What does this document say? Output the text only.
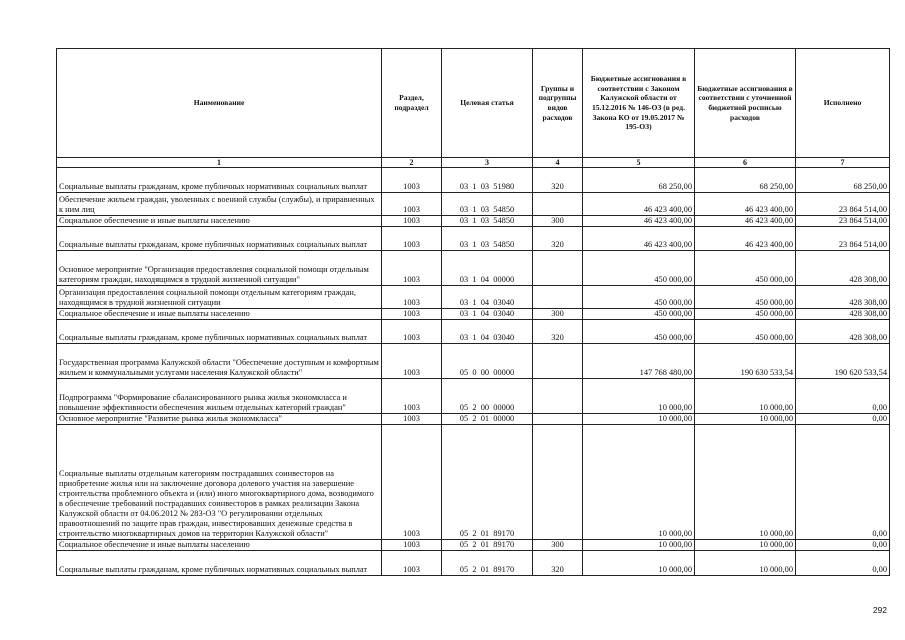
Наименование	Раздел, подраздел	Целевая статья	Группы и подгруппы видов расходов	Бюджетные ассигнования в соответствии с Законом Калужской области от 15.12.2016 № 146-ОЗ (в ред. Закона КО от 19.05.2017 № 195-ОЗ)	Бюджетные ассигнования в соответствии с уточненной бюджетной росписью расходов	Исполнено
1	2	3	4	5	6	7
Социальные выплаты гражданам, кроме публичных нормативных социальных выплат	1003	03  1  03  51980	320	68 250,00	68 250,00	68 250,00
Обеспечение жильем граждан, уволенных с военной службы (службы), и приравненных к ним лиц	1003	03  1  03  54850		46 423 400,00	46 423 400,00	23 864 514,00
Социальное обеспечение и иные выплаты населению	1003	03  1  03  54850	300	46 423 400,00	46 423 400,00	23 864 514,00
Социальные выплаты гражданам, кроме публичных нормативных социальных выплат	1003	03  1  03  54850	320	46 423 400,00	46 423 400,00	23 864 514,00
Основное мероприятие "Организация предоставления социальной помощи отдельным категориям граждан, находящимся в трудной жизненной ситуации"	1003	03  1  04  00000		450 000,00	450 000,00	428 308,00
Организация предоставления социальной помощи отдельным категориям граждан, находящимся в трудной жизненной ситуации	1003	03  1  04  03040		450 000,00	450 000,00	428 308,00
Социальное обеспечение и иные выплаты населению	1003	03  1  04  03040	300	450 000,00	450 000,00	428 308,00
Социальные выплаты гражданам, кроме публичных нормативных социальных выплат	1003	03  1  04  03040	320	450 000,00	450 000,00	428 308,00
Государственная программа Калужской области "Обеспечение доступным и комфортным жильем и коммунальными услугами населения Калужской области"	1003	05  0  00  00000		147 768 480,00	190 630 533,54	190 620 533,54
Подпрограмма "Формирование сбалансированного рынка жилья экономкласса и повышение эффективности обеспечения жильем отдельных категорий граждан"	1003	05  2  00  00000		10 000,00	10 000,00	0,00
Основное мероприятие "Развитие рынка жилья экономкласса"	1003	05  2  01  00000		10 000,00	10 000,00	0,00
Социальные выплаты отдельным категориям пострадавших соинвесторов на приобретение жилья или на заключение договора долевого участия на завершение строительства проблемного объекта и (или) иного многоквартирного дома, возводимого в обеспечение требований пострадавших соинвесторов в рамках реализации Закона Калужской области от 04.06.2012 № 283-ОЗ "О регулировании отдельных правоотношений по защите прав граждан, инвестировавших денежные средства в строительство многоквартирных домов на территории Калужской области"	1003	05  2  01  89170		10 000,00	10 000,00	0,00
Социальное обеспечение и иные выплаты населению	1003	05  2  01  89170	300	10 000,00	10 000,00	0,00
Социальные выплаты гражданам, кроме публичных нормативных социальных выплат	1003	05  2  01  89170	320	10 000,00	10 000,00	0,00
292
